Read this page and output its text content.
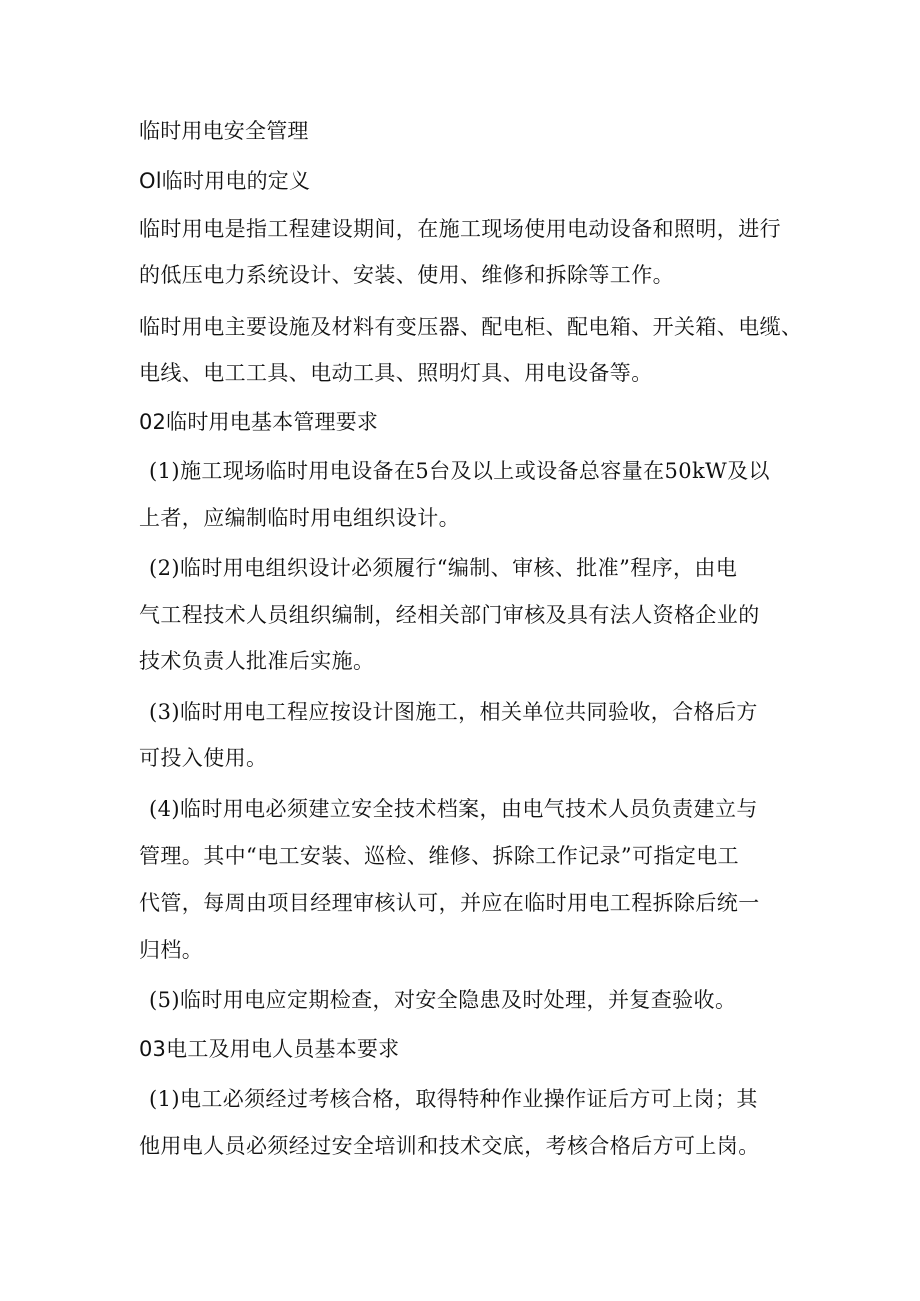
临时用电安全管理

Ol临时用电的定义

临时用电是指工程建设期间，在施工现场使用电动设备和照明，进行

的低压电力系统设计、安装、使用、维修和拆除等工作。

临时用电主要设施及材料有变压器、配电柜、配电箱、开关箱、电缆、

电线、电工工具、电动工具、照明灯具、用电设备等。

02临时用电基本管理要求

(1)施工现场临时用电设备在5台及以上或设备总容量在50kW及以

上者，应编制临时用电组织设计。

(2)临时用电组织设计必须履行“编制、审核、批准”程序，由电

气工程技术人员组织编制，经相关部门审核及具有法人资格企业的

技术负责人批准后实施。

(3)临时用电工程应按设计图施工，相关单位共同验收，合格后方

可投入使用。

(4)临时用电必须建立安全技术档案，由电气技术人员负责建立与

管理。其中“电工安装、巡检、维修、拆除工作记录”可指定电工

代管，每周由项目经理审核认可，并应在临时用电工程拆除后统一

归档。

(5)临时用电应定期检查，对安全隐患及时处理，并复查验收。

03电工及用电人员基本要求

(1)电工必须经过考核合格，取得特种作业操作证后方可上岗；其

他用电人员必须经过安全培训和技术交底，考核合格后方可上岗。
